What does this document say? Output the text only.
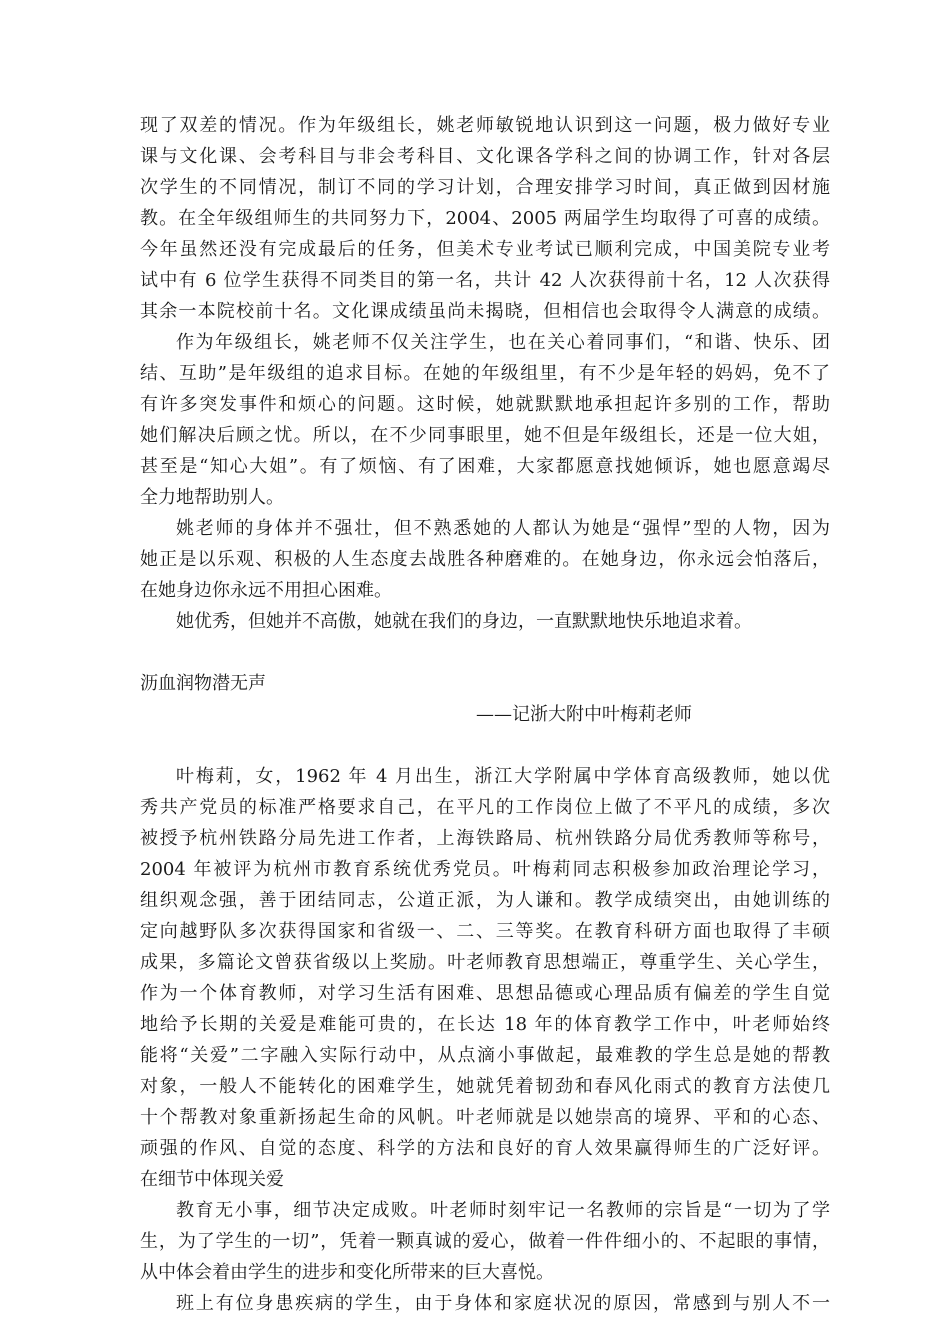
现了双差的情况。作为年级组长，姚老师敏锐地认识到这一问题，极力做好专业
课与文化课、会考科目与非会考科目、文化课各学科之间的协调工作，针对各层
次学生的不同情况，制订不同的学习计划，合理安排学习时间，真正做到因材施
教。在全年级组师生的共同努力下，2004、2005 两届学生均取得了可喜的成绩。
今年虽然还没有完成最后的任务，但美术专业考试已顺利完成，中国美院专业考
试中有 6 位学生获得不同类目的第一名，共计 42 人次获得前十名，12 人次获得
其余一本院校前十名。文化课成绩虽尚未揭晓，但相信也会取得令人满意的成绩。
作为年级组长，姚老师不仅关注学生，也在关心着同事们，“和谐、快乐、团
结、互助”是年级组的追求目标。在她的年级组里，有不少是年轻的妈妈，免不了
有许多突发事件和烦心的问题。这时候，她就默默地承担起许多别的工作，帮助
她们解决后顾之忧。所以，在不少同事眼里，她不但是年级组长，还是一位大姐，
甚至是“知心大姐”。有了烦恼、有了困难，大家都愿意找她倾诉，她也愿意竭尽
全力地帮助别人。
姚老师的身体并不强壮，但不熟悉她的人都认为她是“强悍”型的人物，因为
她正是以乐观、积极的人生态度去战胜各种磨难的。在她身边，你永远会怕落后，
在她身边你永远不用担心困难。
她优秀，但她并不高傲，她就在我们的身边，一直默默地快乐地追求着。
沥血润物潜无声
——记浙大附中叶梅莉老师
叶梅莉，女，1962 年 4 月出生，浙江大学附属中学体育高级教师，她以优
秀共产党员的标准严格要求自己，在平凡的工作岗位上做了不平凡的成绩，多次
被授予杭州铁路分局先进工作者，上海铁路局、杭州铁路分局优秀教师等称号，
2004 年被评为杭州市教育系统优秀党员。叶梅莉同志积极参加政治理论学习，
组织观念强，善于团结同志，公道正派，为人谦和。教学成绩突出，由她训练的
定向越野队多次获得国家和省级一、二、三等奖。在教育科研方面也取得了丰硕
成果，多篇论文曾获省级以上奖励。叶老师教育思想端正，尊重学生、关心学生，
作为一个体育教师，对学习生活有困难、思想品德或心理品质有偏差的学生自觉
地给予长期的关爱是难能可贵的，在长达 18 年的体育教学工作中，叶老师始终
能将“关爱”二字融入实际行动中，从点滴小事做起，最难教的学生总是她的帮教
对象，一般人不能转化的困难学生，她就凭着韧劲和春风化雨式的教育方法使几
十个帮教对象重新扬起生命的风帆。叶老师就是以她崇高的境界、平和的心态、
顽强的作风、自觉的态度、科学的方法和良好的育人效果赢得师生的广泛好评。
在细节中体现关爱
教育无小事，细节决定成败。叶老师时刻牢记一名教师的宗旨是“一切为了学
生，为了学生的一切”，凭着一颗真诚的爱心，做着一件件细小的、不起眼的事情，
从中体会着由学生的进步和变化所带来的巨大喜悦。
班上有位身患疾病的学生，由于身体和家庭状况的原因，常感到与别人不一
